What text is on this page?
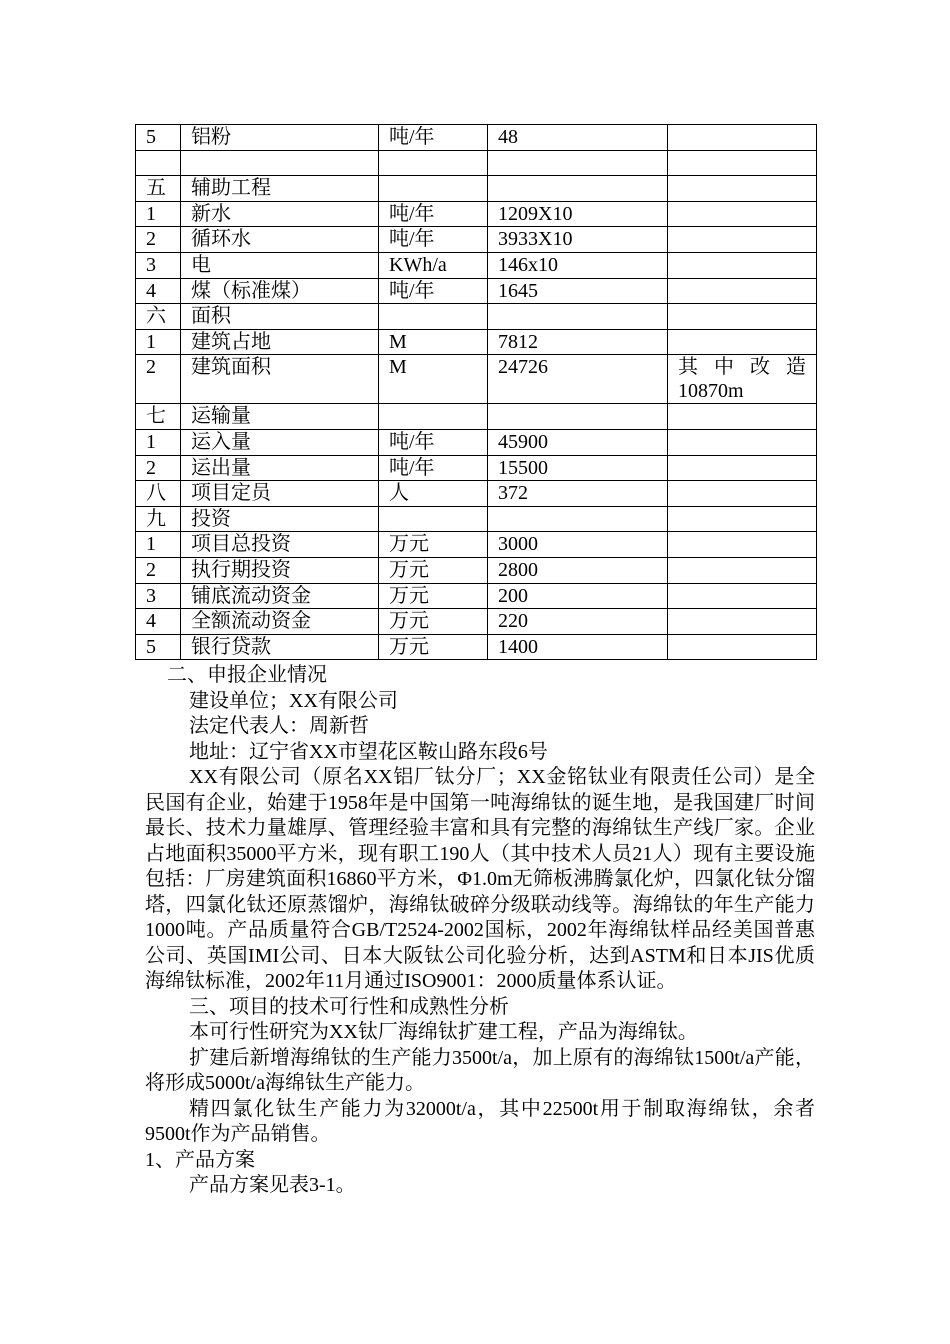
5	铝粉	吨/年	48	

五	辅助工程			
1	新水	吨/年	1209X10	
2	循环水	吨/年	3933X10	
3	电	KWh/a	146x10	
4	煤（标准煤）	吨/年	1645	
六	面积			
1	建筑占地	M	7812	
2	建筑面积	M	24726	其 中 改 造
10870m

七	运输量			
1	运入量	吨/年	45900	
2	运出量	吨/年	15500	
八	项目定员	人	372	
九	投资			
1	项目总投资	万元	3000	
2	执行期投资	万元	2800	
3	铺底流动资金	万元	200	
4	全额流动资金	万元	220	
5	银行贷款	万元	1400	

二、申报企业情况

建设单位；XX有限公司

法定代表人：周新哲

地址：辽宁省XX市望花区鞍山路东段6号

XX有限公司（原名XX铝厂钛分厂；XX金铭钛业有限责任公司）是全民国有企业，始建于1958年是中国第一吨海绵钛的诞生地，是我国建厂时间最长、技术力量雄厚、管理经验丰富和具有完整的海绵钛生产线厂家。企业占地面积35000平方米，现有职工190人（其中技术人员21人）现有主要设施包括：厂房建筑面积16860平方米，Φ1.0m无筛板沸腾氯化炉，四氯化钛分馏塔，四氯化钛还原蒸馏炉，海绵钛破碎分级联动线等。海绵钛的年生产能力1000吨。产品质量符合GB/T2524-2002国标，2002年海绵钛样品经美国普惠公司、英国IMI公司、日本大阪钛公司化验分析，达到ASTM和日本JIS优质海绵钛标准，2002年11月通过ISO9001：2000质量体系认证。

三、项目的技术可行性和成熟性分析

本可行性研究为XX钛厂海绵钛扩建工程，产品为海绵钛。

扩建后新增海绵钛的生产能力3500t/a，加上原有的海绵钛1500t/a产能，将形成5000t/a海绵钛生产能力。

精四氯化钛生产能力为32000t/a，其中22500t用于制取海绵钛，余者9500t作为产品销售。

1、产品方案

产品方案见表3-1。
